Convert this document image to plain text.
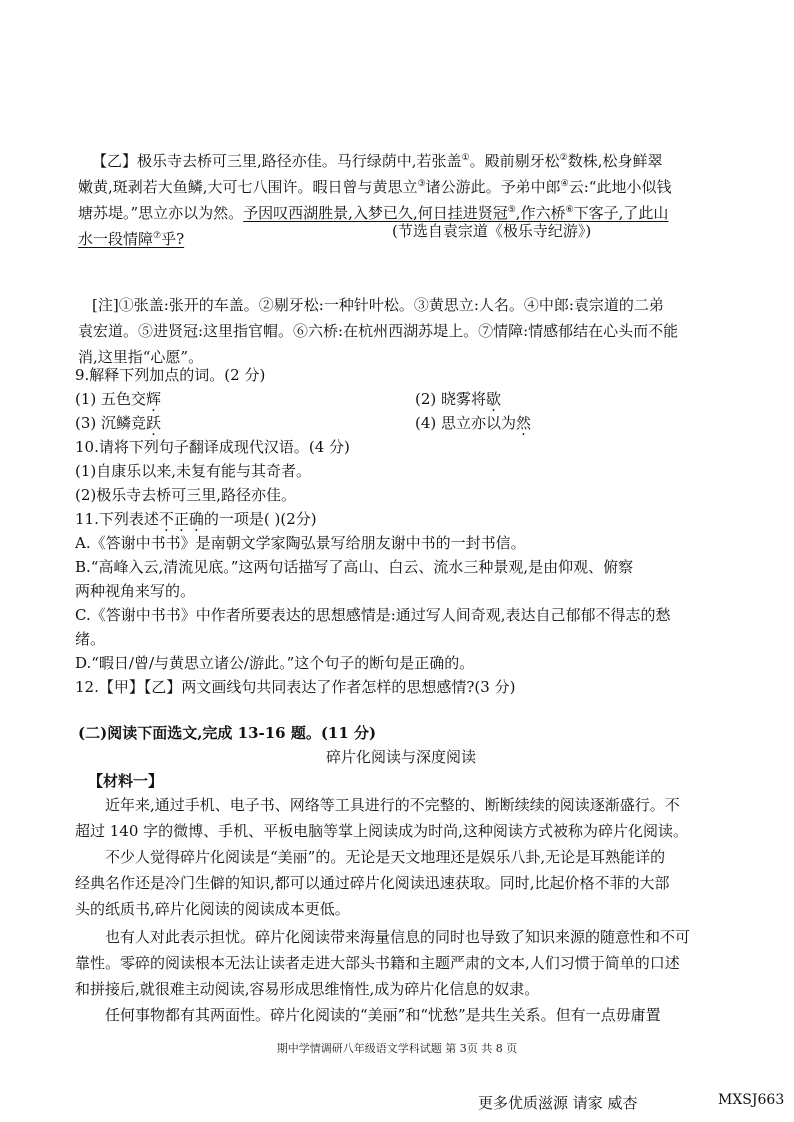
【乙】极乐寺去桥可三里,路径亦佳。马行绿荫中,若张盖①。殿前剔牙松②数株,松身鲜翠
嫩黄,斑剥若大鱼鳞,大可七八围许。暇日曾与黄思立③诸公游此。予弟中郎④云:“此地小似钱
塘苏堤。”思立亦以为然。予因叹西湖胜景,入梦已久,何日挂进贤冠⑤,作六桥⑥下客子,了此山
水一段情障⑦乎?	(节选自袁宗道《极乐寺纪游》)
[注]①张盖:张开的车盖。②剔牙松:一种针叶松。③黄思立:人名。④中郎:袁宗道的二弟
袁宏道。⑤进贤冠:这里指官帽。⑥六桥:在杭州西湖苏堤上。⑦情障:情感郁结在心头而不能
消,这里指“心愿”。
9.解释下列加点的词。(2 分)
(1) 五色交辉	(2) 晓雾将歇
(3) 沉鳞竞跃	(4) 思立亦以为然
10.请将下列句子翻译成现代汉语。(4 分)
(1)自康乐以来,未复有能与其奇者。
(2)极乐寺去桥可三里,路径亦佳。
11.下列表述不正确的一项是( )(2分)
A.《答谢中书书》是南朝文学家陶弘景写给朋友谢中书的一封书信。
B.“高峰入云,清流见底。”这两句话描写了高山、白云、流水三种景观,是由仰观、俯察
两种视角来写的。
C.《答谢中书书》中作者所要表达的思想感情是:通过写人间奇观,表达自己郁郁不得志的愁
绪。
D.“暇日/曾/与黄思立诸公/游此。”这个句子的断句是正确的。
12.【甲】【乙】两文画线句共同表达了作者怎样的思想感情?(3 分)
(二)阅读下面选文,完成 13-16 题。(11 分)
碎片化阅读与深度阅读
【材料一】
近年来,通过手机、电子书、网络等工具进行的不完整的、断断续续的阅读逐渐盛行。不
超过 140 字的微博、手机、平板电脑等掌上阅读成为时尚,这种阅读方式被称为碎片化阅读。
不少人觉得碎片化阅读是“美丽”的。无论是天文地理还是娱乐八卦,无论是耳熟能详的
经典名作还是冷门生僻的知识,都可以通过碎片化阅读迅速获取。同时,比起价格不菲的大部
头的纸质书,碎片化阅读的阅读成本更低。
也有人对此表示担忧。碎片化阅读带来海量信息的同时也导致了知识来源的随意性和不可
靠性。零碎的阅读根本无法让读者走进大部头书籍和主题严肃的文本,人们习惯于简单的口述
和拼接后,就很难主动阅读,容易形成思维惰性,成为碎片化信息的奴隶。
任何事物都有其两面性。碎片化阅读的“美丽”和“忧愁”是共生关系。但有一点毋庸置
期中学情调研八年级语文学科试题 第 3页 共 8 页
更多优质滋源 请家 威杏	MXSJ663
